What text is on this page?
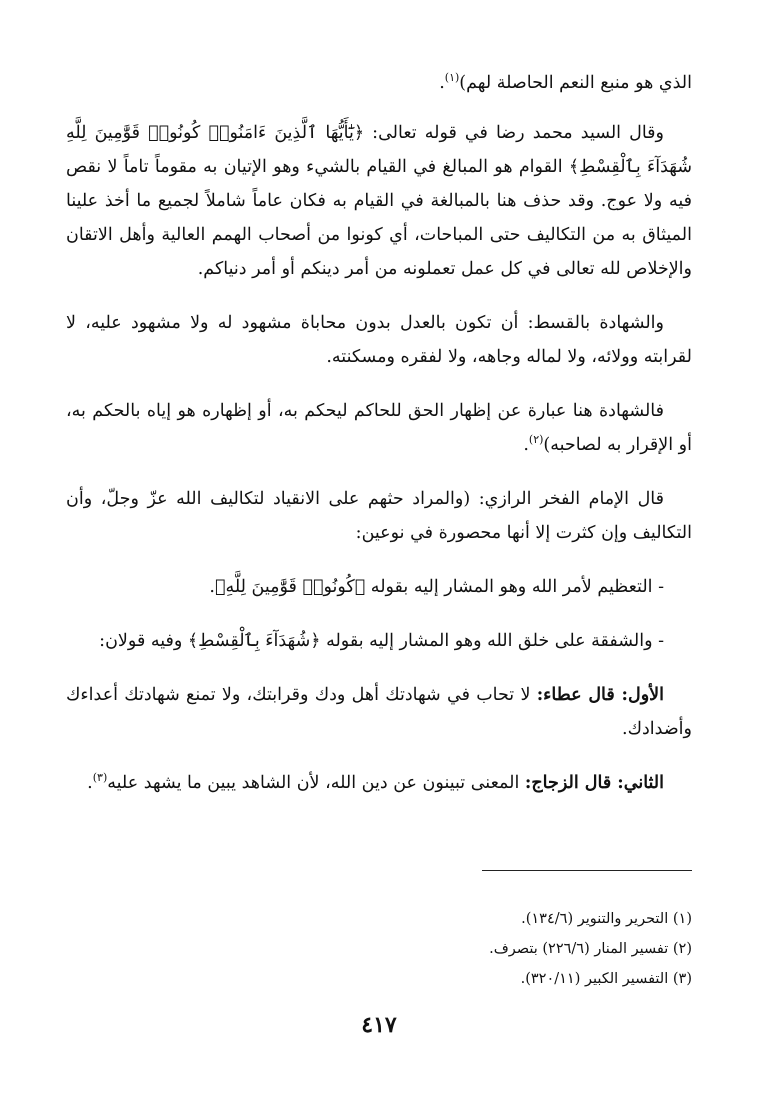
الذي هو منبع النعم الحاصلة لهم)$^{(١)}$.

وقال السيد محمد رضا في قوله تعالى: ﴿يَٰٓأَيُّهَا ٱلَّذِينَ ءَامَنُوا۟ كُونُوا۟ قَوَّٰمِينَ لِلَّهِ شُهَدَآءَ بِٱلْقِسْطِ﴾ القوام هو المبالغ في القيام بالشيء وهو الإتيان به مقوماً تاماً لا نقص فيه ولا عوج. وقد حذف هنا بالمبالغة في القيام به فكان عاماً شاملاً لجميع ما أخذ علينا الميثاق به من التكاليف حتى المباحات، أي كونوا من أصحاب الهمم العالية وأهل الاتقان والإخلاص لله تعالى في كل عمل تعملونه من أمر دينكم أو أمر دنياكم.

والشهادة بالقسط: أن تكون بالعدل بدون محاباة مشهود له ولا مشهود عليه، لا لقرابته وولائه، ولا لماله وجاهه، ولا لفقره ومسكنته.

فالشهادة هنا عبارة عن إظهار الحق للحاكم ليحكم به، أو إظهاره هو إياه بالحكم به، أو الإقرار به لصاحبه)$^{(٢)}$.

قال الإمام الفخر الرازي: (والمراد حثهم على الانقياد لتكاليف الله عزّ وجلّ، وأن التكاليف وإن كثرت إلا أنها محصورة في نوعين:

- التعظيم لأمر الله وهو المشار إليه بقوله ﴿كُونُوا۟ قَوَّٰمِينَ لِلَّهِ﴾.

- والشفقة على خلق الله وهو المشار إليه بقوله ﴿شُهَدَآءَ بِٱلْقِسْطِ﴾ وفيه قولان:

الأول: قال عطاء: لا تحاب في شهادتك أهل ودك وقرابتك، ولا تمنع شهادتك أعداءك وأضدادك.

الثاني: قال الزجاج: المعنى تبينون عن دين الله، لأن الشاهد يبين ما يشهد عليه$^{(٣)}$.

(١) التحرير والتنوير (١٣٤/٦).

(٢) تفسير المنار (٢٢٦/٦) بتصرف.

(٣) التفسير الكبير (٣٢٠/١١).

٤١٧
